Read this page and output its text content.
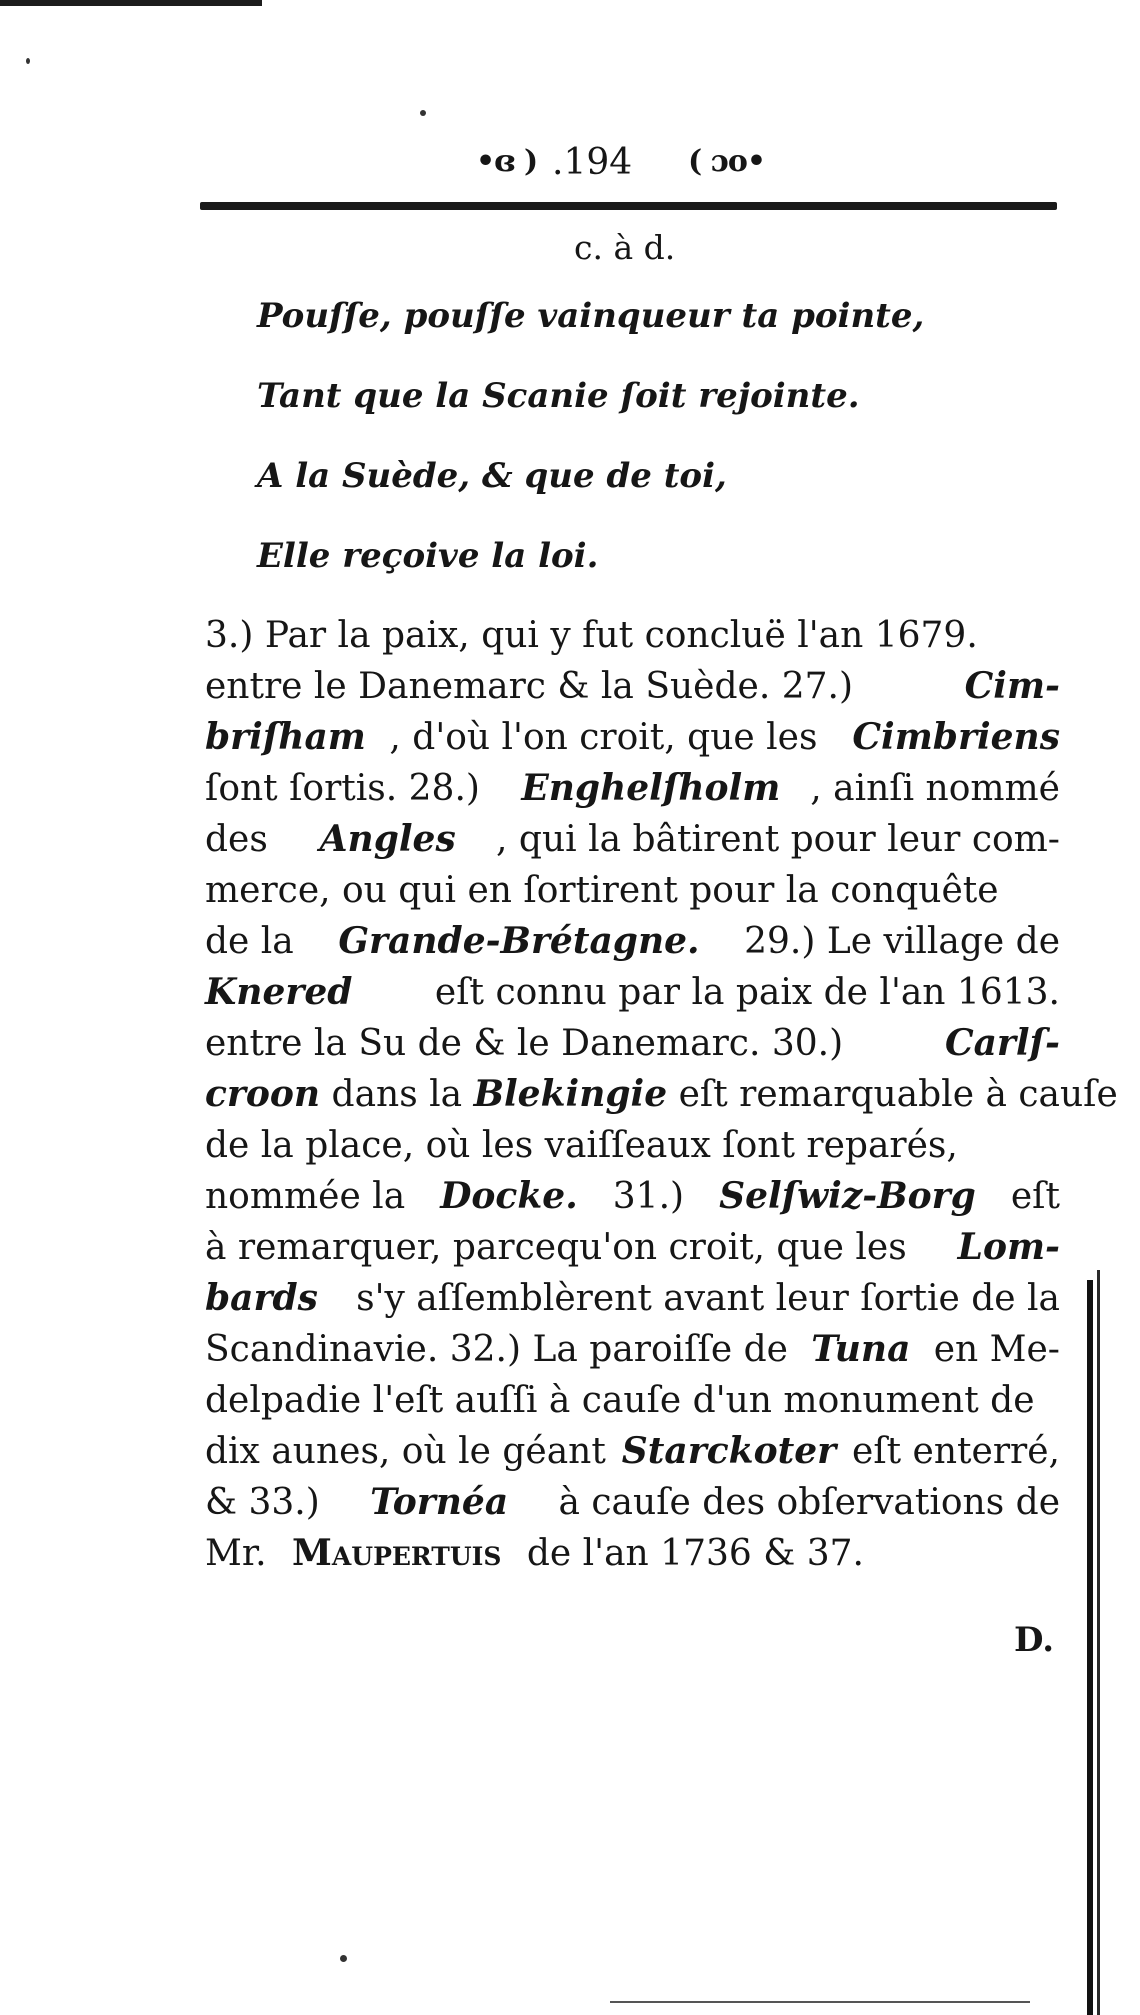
•ɞ ) .194 ( ɔo•
c. à d.
Pouſſe, pouſſe vainqueur ta pointe,
Tant que la Scanie ſoit rejointe.
A la Suède, & que de toi,
Elle reçoive la loi.
3.) Par la paix, qui y fut concluë l'an 1679.
entre le Danemarc & la Suède. 27.)	Cim-
briſham , d'où l'on croit, que les Cimbriens
ſont ſortis. 28.) Enghelſholm , ainſi nommé
des Angles , qui la bâtirent pour leur com-
merce, ou qui en ſortirent pour la conquête
de la Grande-Brétagne. 29.) Le village de
Knered eſt connu par la paix de l'an 1613.
entre la Su de & le Danemarc. 30.)	Carlſ-
croon dans la Blekingie eſt remarquable à cauſe
de la place, où les vaiſſeaux ſont reparés,
nommée la Docke. 31.) Selſwiz-Borg eſt
à remarquer, parcequ'on croit, que les Lom-
bards s'y aſſemblèrent avant leur ſortie de la
Scandinavie. 32.) La paroiſſe de Tuna en Me-
delpadie l'eſt auſſi à cauſe d'un monument de
dix aunes, où le géant Starckoter eſt enterré,
& 33.) Tornéa à cauſe des obſervations de
Mr. Maupertuis de l'an 1736 & 37.
D.
